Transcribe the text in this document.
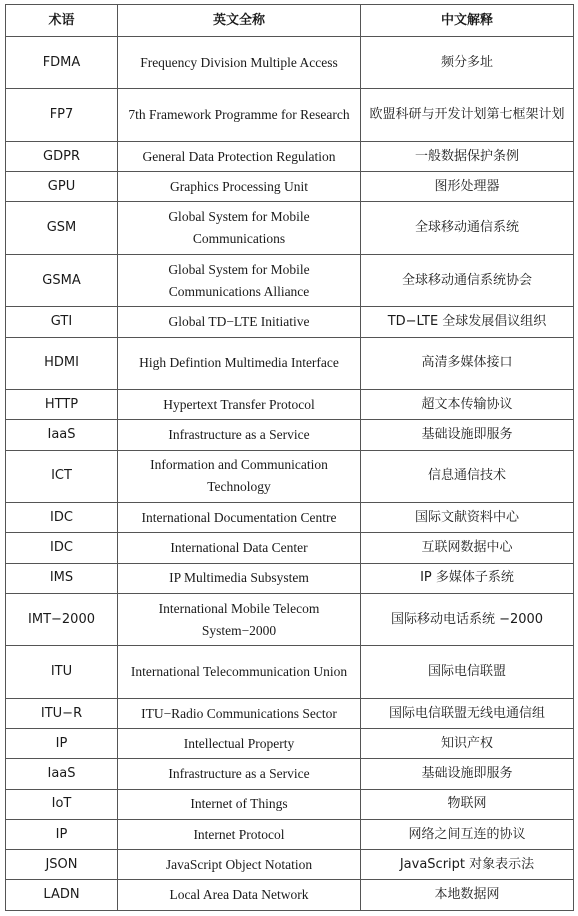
术语	英文全称	中文解释
FDMA	Frequency Division Multiple Access	频分多址
FP7	7th Framework Programme for Research	欧盟科研与开发计划第七框架计划
GDPR	General Data Protection Regulation	一般数据保护条例
GPU	Graphics Processing Unit	图形处理器
GSM	Global System for Mobile Communications	全球移动通信系统
GSMA	Global System for Mobile Communications Alliance	全球移动通信系统协会
GTI	Global TD−LTE Initiative	TD−LTE 全球发展倡议组织
HDMI	High Defintion Multimedia Interface	高清多媒体接口
HTTP	Hypertext Transfer Protocol	超文本传输协议
IaaS	Infrastructure as a Service	基础设施即服务
ICT	Information and Communication Technology	信息通信技术
IDC	International Documentation Centre	国际文献资料中心
IDC	International Data Center	互联网数据中心
IMS	IP Multimedia Subsystem	IP 多媒体子系统
IMT−2000	International Mobile Telecom System−2000	国际移动电话系统 −2000
ITU	International Telecommunication Union	国际电信联盟
ITU−R	ITU−Radio Communications Sector	国际电信联盟无线电通信组
IP	Intellectual Property	知识产权
IaaS	Infrastructure as a Service	基础设施即服务
IoT	Internet of Things	物联网
IP	Internet Protocol	网络之间互连的协议
JSON	JavaScript Object Notation	JavaScript 对象表示法
LADN	Local Area Data Network	本地数据网
